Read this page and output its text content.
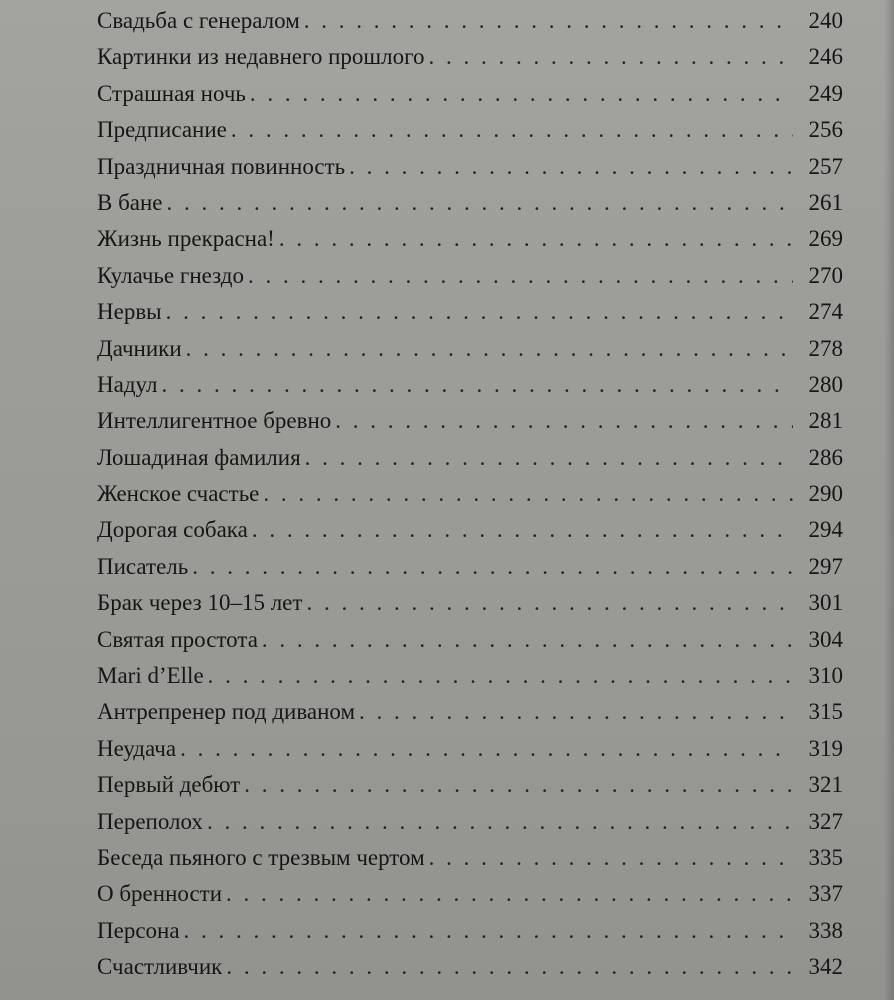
Свадьба с генералом . . .	240
Картинки из недавнего прошлого . . .	246
Страшная ночь . . .	249
Предписание . . .	256
Праздничная повинность . . .	257
В бане . . .	261
Жизнь прекрасна! . . .	269
Кулачье гнездо . . .	270
Нервы . . .	274
Дачники . . .	278
Надул . . .	280
Интеллигентное бревно . . .	281
Лошадиная фамилия . . .	286
Женское счастье . . .	290
Дорогая собака . . .	294
Писатель . . .	297
Брак через 10–15 лет . . .	301
Святая простота . . .	304
Mari d’Elle . . .	310
Антрепренер под диваном . . .	315
Неудача . . .	319
Первый дебют . . .	321
Переполох . . .	327
Беседа пьяного с трезвым чертом . . .	335
О бренности . . .	337
Персона . . .	338
Счастливчик . . .	342
